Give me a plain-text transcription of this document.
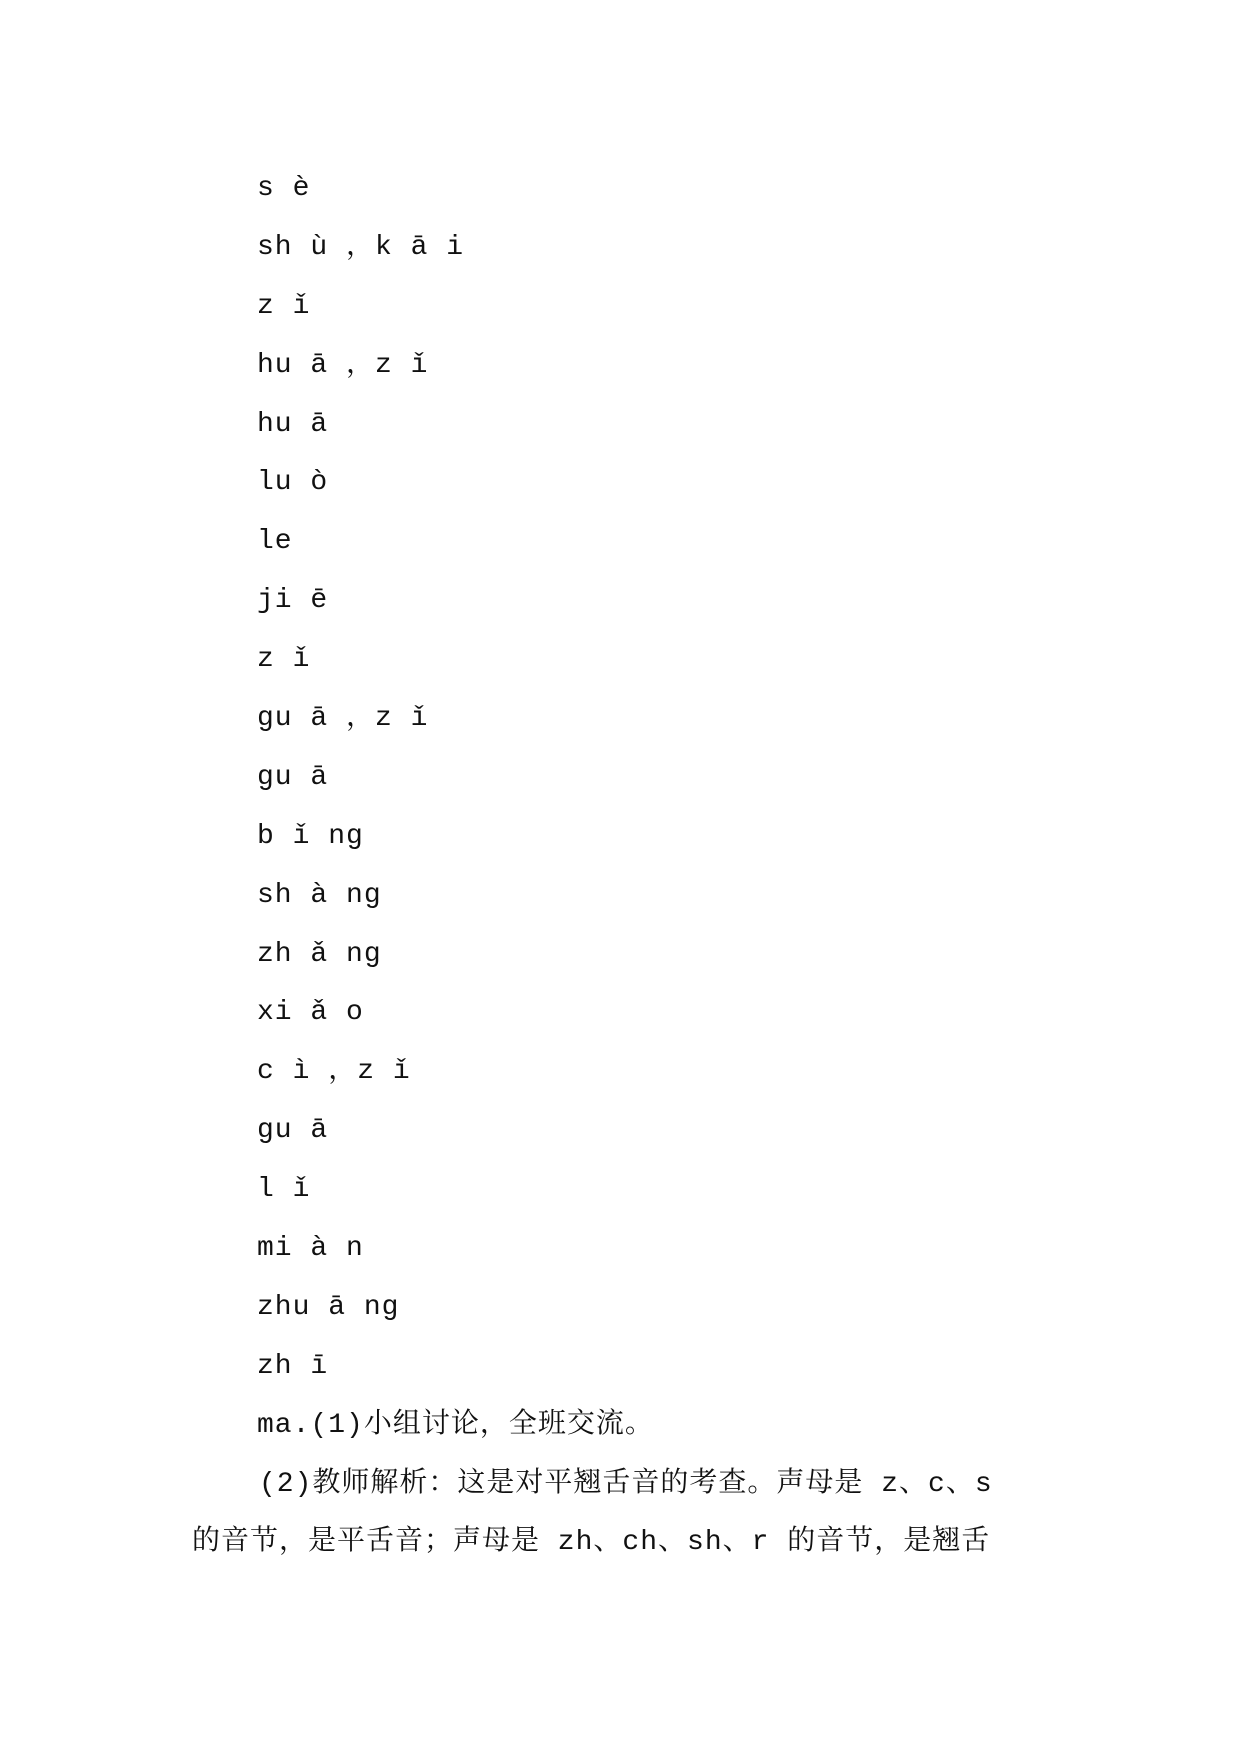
s è

sh ù ，k ā i

z ǐ

hu ā ，z ǐ

hu ā

lu ò

le

ji ē

z ǐ

gu ā ，z ǐ

gu ā

b ǐ ng

sh à ng

zh ǎ ng

xi ǎ o

c ì ，z ǐ

gu ā

l ǐ

mi à n

zhu ā ng

zh ī

ma.(1)小组讨论，全班交流。

(2)教师解析：这是对平翘舌音的考查。声母是 z、c、s

的音节，是平舌音；声母是 zh、ch、sh、r 的音节，是翘舌
